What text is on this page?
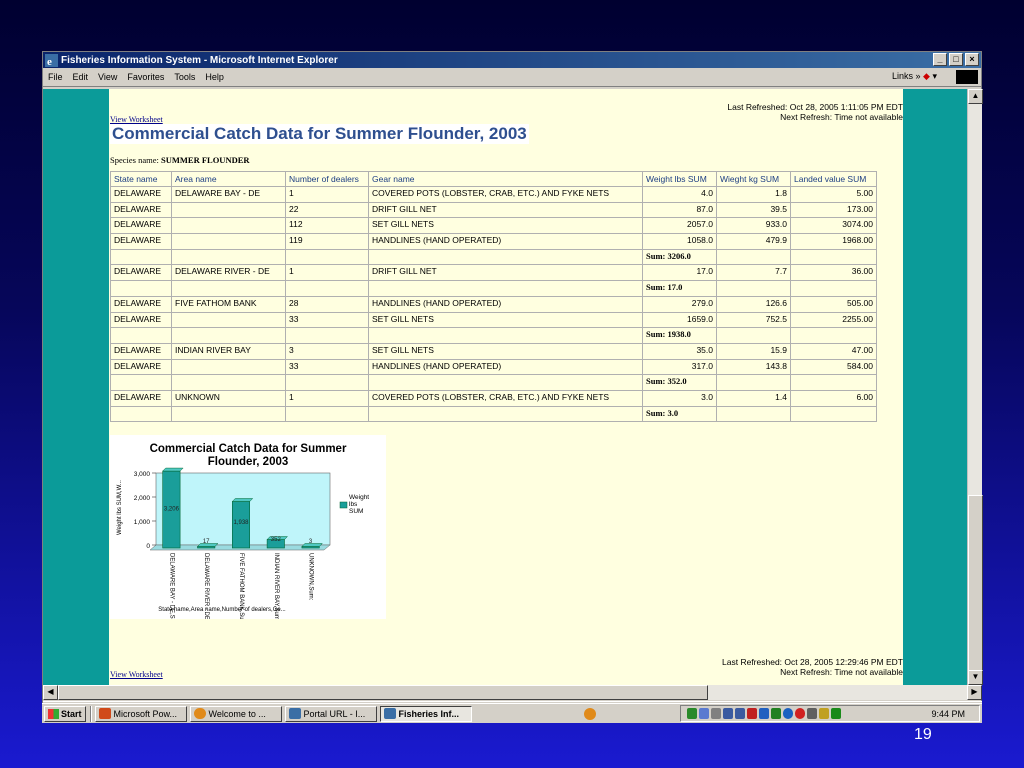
e Fisheries Information System - Microsoft Internet Explorer	_	□	×
File	Edit	View	Favorites	Tools	Help	Links » ◆ ▾
View Worksheet
Last Refreshed: Oct 28, 2005 1:11:05 PM EDT
Next Refresh: Time not available
Commercial Catch Data for Summer Flounder, 2003
Species name: SUMMER FLOUNDER
State name	Area name	Number of dealers	Gear name	Weight lbs SUM	Wieght kg SUM	Landed value SUM
DELAWARE	DELAWARE BAY - DE	1	COVERED POTS (LOBSTER, CRAB, ETC.) AND FYKE NETS	4.0	1.8	5.00
DELAWARE		22	DRIFT GILL NET	87.0	39.5	173.00
DELAWARE		112	SET GILL NETS	2057.0	933.0	3074.00
DELAWARE		119	HANDLINES (HAND OPERATED)	1058.0	479.9	1968.00
				Sum: 3206.0		
DELAWARE	DELAWARE RIVER - DE	1	DRIFT GILL NET	17.0	7.7	36.00
				Sum: 17.0		
DELAWARE	FIVE FATHOM BANK	28	HANDLINES (HAND OPERATED)	279.0	126.6	505.00
DELAWARE		33	SET GILL NETS	1659.0	752.5	2255.00
				Sum: 1938.0		
DELAWARE	INDIAN RIVER BAY	3	SET GILL NETS	35.0	15.9	47.00
DELAWARE		33	HANDLINES (HAND OPERATED)	317.0	143.8	584.00
				Sum: 352.0		
DELAWARE	UNKNOWN	1	COVERED POTS (LOBSTER, CRAB, ETC.) AND FYKE NETS	3.0	1.4	6.00
				Sum: 3.0		
Commercial Catch Data for Summer
Flounder, 2003
0
1,000
2,000
3,000
Weight lbs SUM,W...	3,206
DELAWARE BAY - DE,Sum:
17
DELAWARE RIVER - DE,Sum:
1,938
FIVE FATHOM BANK,Sum:
352
INDIAN RIVER BAY,Sum:
3
UNKNOWN,Sum:
Weight
lbs
SUM
State name,Area name,Number of dealers,Ge...
View Worksheet
Last Refreshed: Oct 28, 2005 12:29:46 PM EDT
Next Refresh: Time not available
▲
▼
◀	▶
Start	Microsoft Pow...	Welcome to ...	Portal URL - I...	Fisheries Inf...	9:44 PM
19
